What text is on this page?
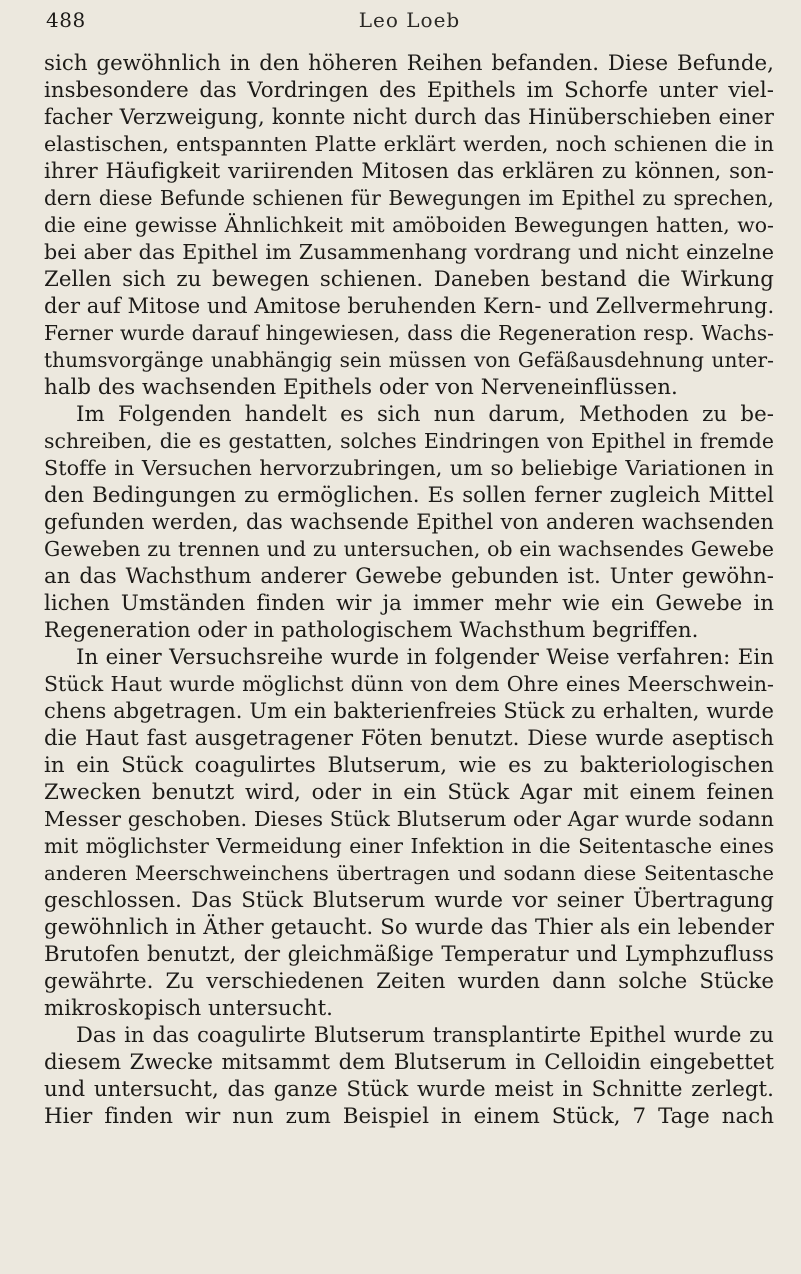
488	Leo Loeb
sich gewöhnlich in den höheren Reihen befanden. Diese Befunde,
insbesondere das Vordringen des Epithels im Schorfe unter viel-
facher Verzweigung, konnte nicht durch das Hinüberschieben einer
elastischen, entspannten Platte erklärt werden, noch schienen die in
ihrer Häufigkeit variirenden Mitosen das erklären zu können, son-
dern diese Befunde schienen für Bewegungen im Epithel zu sprechen,
die eine gewisse Ähnlichkeit mit amöboiden Bewegungen hatten, wo-
bei aber das Epithel im Zusammenhang vordrang und nicht einzelne
Zellen sich zu bewegen schienen. Daneben bestand die Wirkung
der auf Mitose und Amitose beruhenden Kern- und Zellvermehrung.
Ferner wurde darauf hingewiesen, dass die Regeneration resp. Wachs-
thumsvorgänge unabhängig sein müssen von Gefäßausdehnung unter-
halb des wachsenden Epithels oder von Nerveneinflüssen.
Im Folgenden handelt es sich nun darum, Methoden zu be-
schreiben, die es gestatten, solches Eindringen von Epithel in fremde
Stoffe in Versuchen hervorzubringen, um so beliebige Variationen in
den Bedingungen zu ermöglichen. Es sollen ferner zugleich Mittel
gefunden werden, das wachsende Epithel von anderen wachsenden
Geweben zu trennen und zu untersuchen, ob ein wachsendes Gewebe
an das Wachsthum anderer Gewebe gebunden ist. Unter gewöhn-
lichen Umständen finden wir ja immer mehr wie ein Gewebe in
Regeneration oder in pathologischem Wachsthum begriffen.
In einer Versuchsreihe wurde in folgender Weise verfahren: Ein
Stück Haut wurde möglichst dünn von dem Ohre eines Meerschwein-
chens abgetragen. Um ein bakterienfreies Stück zu erhalten, wurde
die Haut fast ausgetragener Föten benutzt. Diese wurde aseptisch
in ein Stück coagulirtes Blutserum, wie es zu bakteriologischen
Zwecken benutzt wird, oder in ein Stück Agar mit einem feinen
Messer geschoben. Dieses Stück Blutserum oder Agar wurde sodann
mit möglichster Vermeidung einer Infektion in die Seitentasche eines
anderen Meerschweinchens übertragen und sodann diese Seitentasche
geschlossen. Das Stück Blutserum wurde vor seiner Übertragung
gewöhnlich in Äther getaucht. So wurde das Thier als ein lebender
Brutofen benutzt, der gleichmäßige Temperatur und Lymphzufluss
gewährte. Zu verschiedenen Zeiten wurden dann solche Stücke
mikroskopisch untersucht.
Das in das coagulirte Blutserum transplantirte Epithel wurde zu
diesem Zwecke mitsammt dem Blutserum in Celloidin eingebettet
und untersucht, das ganze Stück wurde meist in Schnitte zerlegt.
Hier finden wir nun zum Beispiel in einem Stück, 7 Tage nach
